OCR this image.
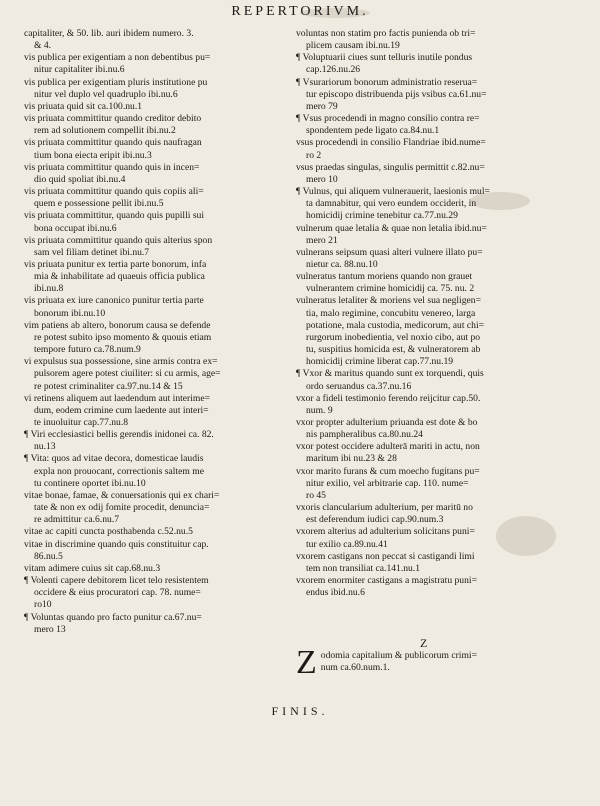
REPERTORIVM.
capitaliter, & 50. lib. auri ibidem numero. 3.
& 4.
vis publica per exigentiam a non debentibus pu=
nitur capitaliter ibi.nu.6
vis publica per exigentiam pluris institutione pu
nitur vel duplo vel quadruplo ibi.nu.6
vis priuata quid sit ca.100.nu.1
vis priuata committitur quando creditor debito
rem ad solutionem compellit ibi.nu.2
vis priuata committitur quando quis naufragan
tium bona eiecta eripit ibi.nu.3
vis priuata committitur quando quis in incen=
dio quid spoliat ibi.nu.4
vis priuata committitur quando quis copiis ali=
quem e possessione pellit ibi.nu.5
vis priuata committitur, quando quis pupilli sui
bona occupat ibi.nu.6
vis priuata committitur quando quis alterius spon
sam vel filiam detinet ibi.nu.7
vis priuata punitur ex tertia parte bonorum, infa
mia & inhabilitate ad quaeuis officia publica
ibi.nu.8
vis priuata ex iure canonico punitur tertia parte
bonorum ibi.nu.10
vim patiens ab altero, bonorum causa se defende
re potest subito ipso momento & quouis etiam
tempore futuro ca.78.num.9
vi expulsus sua possessione, sine armis contra ex=
pulsorem agere potest ciuiliter: si cu armis, age=
re potest criminaliter ca.97.nu.14 & 15
vi retinens aliquem aut laedendum aut interime=
dum, eodem crimine cum laedente aut interi=
te inuoluitur cap.77.nu.8
¶ Viri ecclesiastici bellis gerendis inidonei ca. 82.
nu.13
¶ Vita: quos ad vitae decora, domesticae laudis
expla non prouocant, correctionis saltem me
tu continere oportet ibi.nu.10
vitae bonae, famae, & conuersationis qui ex chari=
tate & non ex odij fomite procedit, denuncia=
re admittitur ca.6.nu.7
vitae ac capiti cuncta posthabenda c.52.nu.5
vitae in discrimine quando quis constituitur cap.
86.nu.5
vitam adimere cuius sit cap.68.nu.3
¶ Volenti capere debitorem licet telo resistentem
occidere & eius procuratori cap. 78. nume=
ro10
¶ Voluntas quando pro facto punitur ca.67.nu=
mero 13
voluntas non statim pro factis punienda ob tri=
plicem causam ibi.nu.19
¶ Voluptuarii ciues sunt telluris inutile pondus
cap.126.nu.26
¶ Vsurariorum bonorum administratio reserua=
tur episcopo distribuenda pijs vsibus ca.61.nu=
mero 79
¶ Vsus procedendi in magno consilio contra re=
spondentem pede ligato ca.84.nu.1
vsus procedendi in consilio Flandriae ibid.nume=
ro 2
vsus praedas singulas, singulis permittit c.82.nu=
mero 10
¶ Vulnus, qui aliquem vulnerauerit, laesionis mul=
ta damnabitur, qui vero eundem occiderit, in
homicidij crimine tenebitur ca.77.nu.29
vulnerum quae letalia & quae non letalia ibid.nu=
mero 21
vulnerans seipsum quasi alteri vulnere illato pu=
nietur ca. 88.nu.10
vulneratus tantum moriens quando non grauet
vulnerantem crimine homicidij ca. 75. nu. 2
vulneratus letaliter & moriens vel sua negligen=
tia, malo regimine, concubitu venereo, larga
potatione, mala custodia, medicorum, aut chi=
rurgorum inobedientia, vel noxio cibo, aut po
tu, suspitius homicida est, & vulneratorem ab
homicidij crimine liberat cap.77.nu.19
¶ Vxor & maritus quando sunt ex torquendi, quis
ordo seruandus ca.37.nu.16
vxor a fideli testimonio ferendo reijcitur cap.50.
num. 9
vxor propter adulterium priuanda est dote & bo
nis pampheralibus ca.80.nu.24
vxor potest occidere adulterā mariti in actu, non
maritum ibi nu.23 & 28
vxor marito furans & cum moecho fugitans pu=
nitur exilio, vel arbitrarie cap. 110. nume=
ro 45
vxoris clancularium adulterium, per maritū no
est deferendum iudici cap.90.num.3
vxorem alterius ad adulterium solicitans puni=
tur exilio ca.89.nu.41
vxorem castigans non peccat si castigandi limi
tem non transiliat ca.141.nu.1
vxorem enormiter castigans a magistratu puni=
endus ibid.nu.6
Z
Z odomia capitalium & publicorum crimi=
num ca.60.num.1.
FINIS.
